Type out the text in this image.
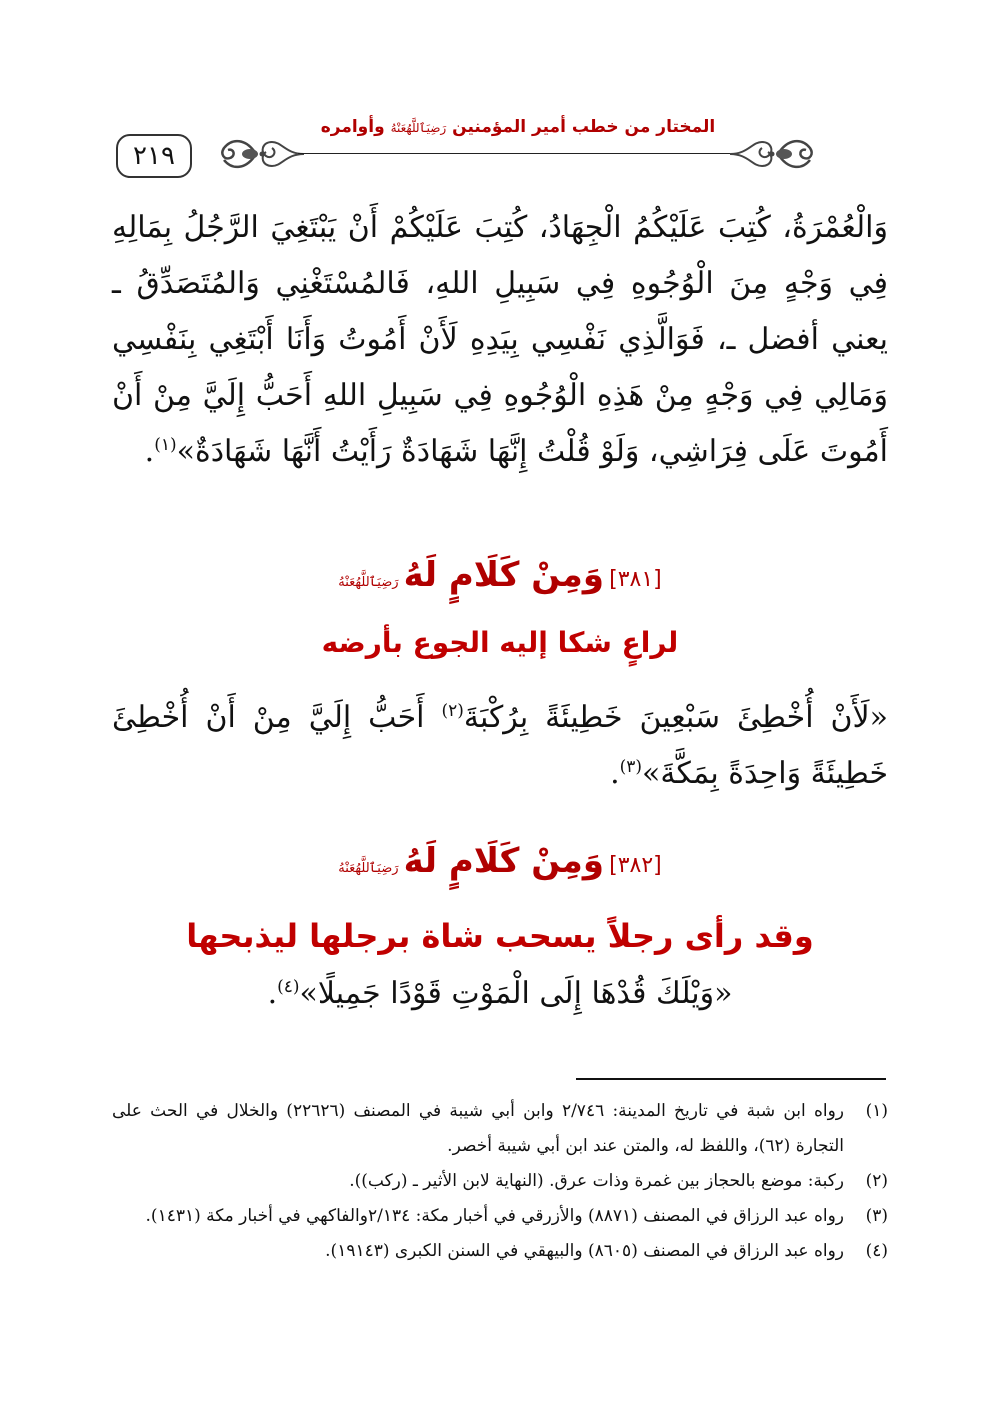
٢١٩
المختار من خطب أمير المؤمنين رَضِيَٱللَّهُعَنْهُ وأوامره

وَالْعُمْرَةُ، كُتِبَ عَلَيْكُمُ الْجِهَادُ، كُتِبَ عَلَيْكُمْ أَنْ يَبْتَغِيَ الرَّجُلُ بِمَالِهِ فِي وَجْهٍ مِنَ الْوُجُوهِ فِي سَبِيلِ اللهِ، فَالمُسْتَغْنِي وَالمُتَصَدِّقُ ـ يعني أفضل ـ، فَوَالَّذِي نَفْسِي بِيَدِهِ لَأَنْ أَمُوتُ وَأَنَا أَبْتَغِي بِنَفْسِي وَمَالِي فِي وَجْهٍ مِنْ هَذِهِ الْوُجُوهِ فِي سَبِيلِ اللهِ أَحَبُّ إِلَيَّ مِنْ أَنْ أَمُوتَ عَلَى فِرَاشِي، وَلَوْ قُلْتُ إِنَّهَا شَهَادَةٌ رَأَيْتُ أَنَّهَا شَهَادَةٌ»$^{(١)}$.

[٣٨١] وَمِنْ كَلَامٍ لَهُ رَضِيَٱللَّهُعَنْهُ
لراعٍ شكا إليه الجوع بأرضه

«لَأَنْ أُخْطِئَ سَبْعِينَ خَطِيئَةً بِرُكْبَةَ$^{(٢)}$ أَحَبُّ إِلَيَّ مِنْ أَنْ أُخْطِئَ خَطِيئَةً وَاحِدَةً بِمَكَّةَ»$^{(٣)}$.

[٣٨٢] وَمِنْ كَلَامٍ لَهُ رَضِيَٱللَّهُعَنْهُ
وقد رأى رجلاً يسحب شاة برجلها ليذبحها

«وَيْلَكَ قُدْهَا إِلَى الْمَوْتِ قَوْدًا جَمِيلًا»$^{(٤)}$.

(١)
رواه ابن شبة في تاريخ المدينة: ٢/٧٤٦ وابن أبي شيبة في المصنف (٢٢٦٢٦) والخلال في الحث على التجارة (٦٢)، واللفظ له، والمتن عند ابن أبي شيبة أخصر.

(٢)
ركبة: موضع بالحجاز بين غمرة وذات عرق. (النهاية لابن الأثير ـ (ركب)).

(٣)
رواه عبد الرزاق في المصنف (٨٨٧١) والأزرقي في أخبار مكة: ٢/١٣٤والفاكهي في أخبار مكة (١٤٣١).

(٤)
رواه عبد الرزاق في المصنف (٨٦٠٥) والبيهقي في السنن الكبرى (١٩١٤٣).
